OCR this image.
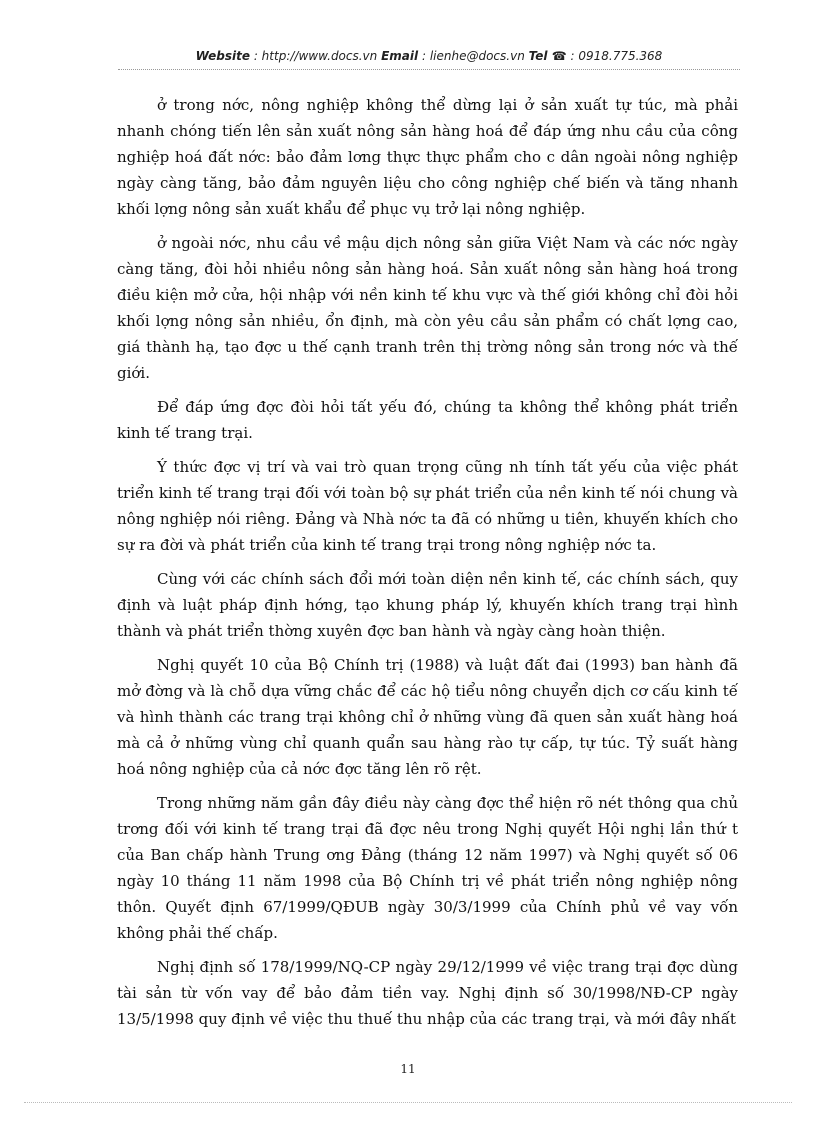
Website : http://www.docs.vn Email : lienhe@docs.vn Tel ☎ : 0918.775.368

ở trong nớc, nông nghiệp không thể dừng lại ở sản xuất tự túc, mà phải nhanh chóng tiến lên sản xuất nông sản hàng hoá để đáp ứng nhu cầu của công nghiệp hoá đất nớc: bảo đảm lơng thực thực phẩm cho c dân ngoài nông nghiệp ngày càng tăng, bảo đảm nguyên liệu cho công nghiệp chế biến và tăng nhanh khối lợng nông sản xuất khẩu để phục vụ trở lại nông nghiệp.

ở ngoài nớc, nhu cầu về mậu dịch nông sản giữa Việt Nam và các nớc ngày càng tăng, đòi hỏi nhiều nông sản hàng hoá. Sản xuất nông sản hàng hoá trong điều kiện mở cửa, hội nhập với nền kinh tế khu vực và thế giới không chỉ đòi hỏi khối lợng nông sản nhiều, ổn định, mà còn yêu cầu sản phẩm có chất lợng cao, giá thành hạ, tạo đợc u thế cạnh tranh trên thị trờng nông sản trong nớc và thế giới.

Để đáp ứng đợc đòi hỏi tất yếu đó, chúng ta không thể không phát triển kinh tế trang trại.

Ý thức đợc vị trí và vai trò quan trọng cũng nh tính tất yếu của việc phát triển kinh tế trang trại đối với toàn bộ sự phát triển của nền kinh tế nói chung và nông nghiệp nói riêng. Đảng và Nhà nớc ta đã có những u tiên, khuyến khích cho sự ra đời và phát triển của kinh tế trang trại trong nông nghiệp nớc ta.

Cùng với các chính sách đổi mới toàn diện nền kinh tế, các chính sách, quy định và luật pháp định hớng, tạo khung pháp lý, khuyến khích trang trại hình thành và phát triển thờng xuyên đợc ban hành và ngày càng hoàn thiện.

Nghị quyết 10 của Bộ Chính trị (1988) và luật đất đai (1993) ban hành đã mở đờng và là chỗ dựa vững chắc để các hộ tiểu nông chuyển dịch cơ cấu kinh tế và hình thành các trang trại không chỉ ở những vùng đã quen sản xuất hàng hoá mà cả ở những vùng chỉ quanh quẩn sau hàng rào tự cấp, tự túc. Tỷ suất hàng hoá nông nghiệp của cả nớc đợc tăng lên rõ rệt.

Trong những năm gần đây điều này càng đợc thể hiện rõ nét thông qua chủ trơng đối với kinh tế trang trại đã đợc nêu trong Nghị quyết Hội nghị lần thứ t của Ban chấp hành Trung ơng Đảng (tháng 12 năm 1997) và Nghị quyết số 06 ngày 10 tháng 11 năm 1998 của Bộ Chính trị về phát triển nông nghiệp nông thôn. Quyết định 67/1999/QĐUB ngày 30/3/1999 của Chính phủ về vay vốn không phải thế chấp.

Nghị định số 178/1999/NQ-CP ngày 29/12/1999 về việc trang trại đợc dùng tài sản từ vốn vay để bảo đảm tiền vay. Nghị định số 30/1998/NĐ-CP ngày 13/5/1998 quy định về việc thu thuế thu nhập của các trang trại, và mới đây nhất

11
